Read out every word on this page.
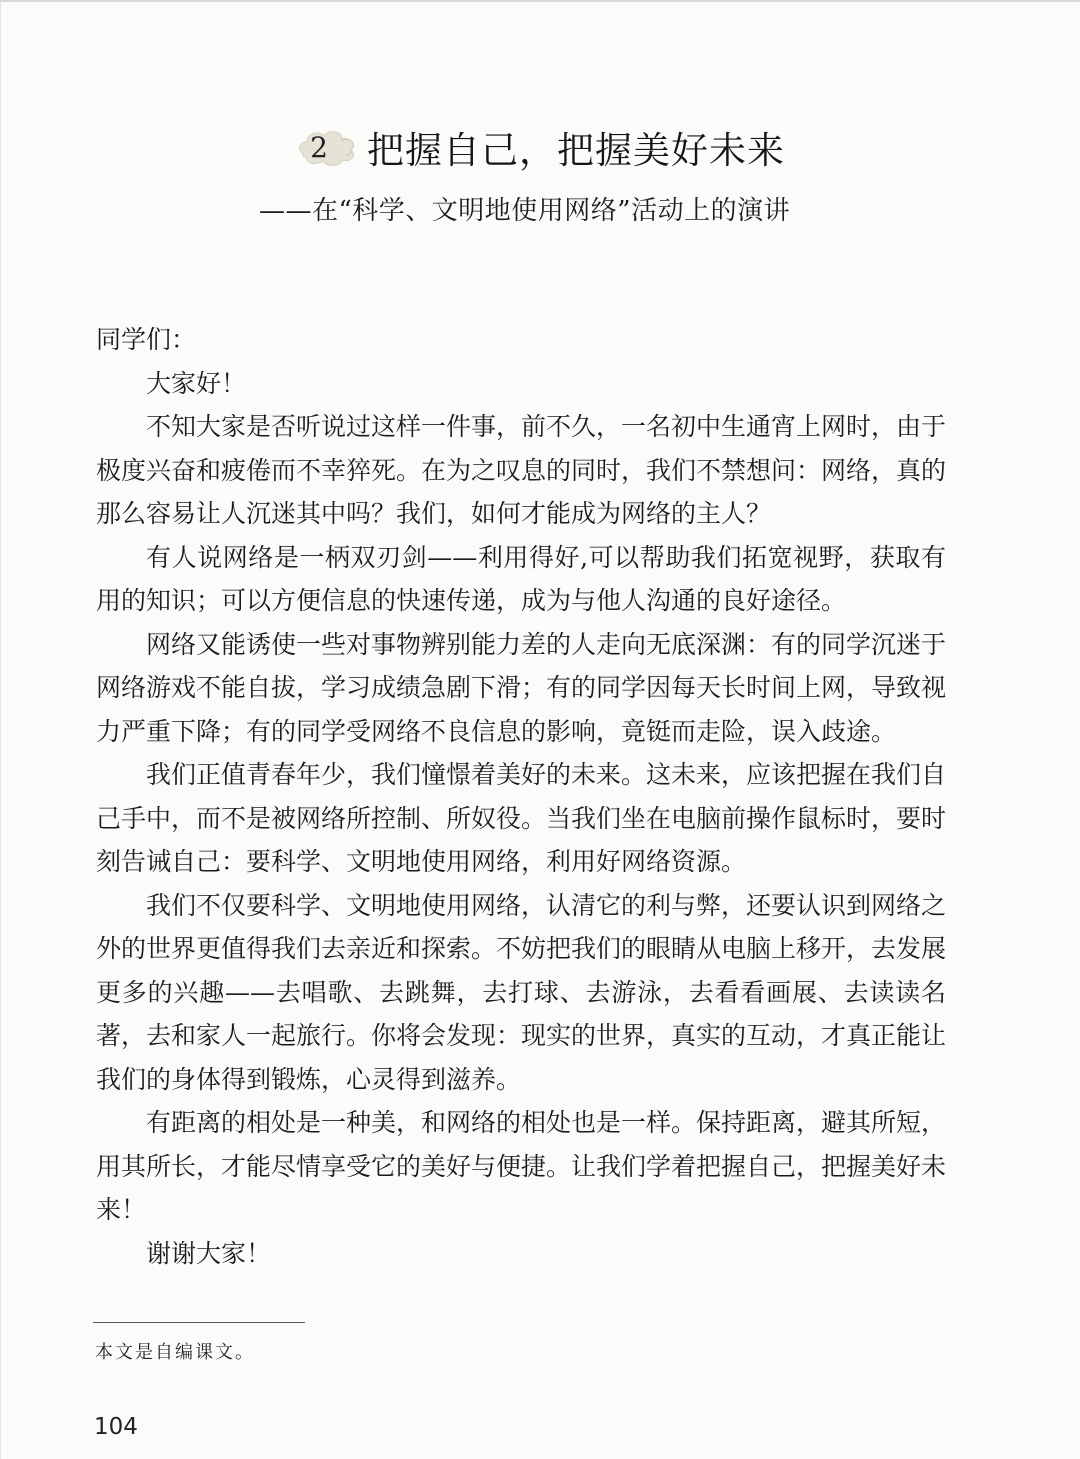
2	把握自己，把握美好未来
——在“科学、文明地使用网络”活动上的演讲

同学们：

大家好！

不知大家是否听说过这样一件事，前不久，一名初中生通宵上网时，由于极度兴奋和疲倦而不幸猝死。在为之叹息的同时，我们不禁想问：网络，真的那么容易让人沉迷其中吗？我们，如何才能成为网络的主人？

有人说网络是一柄双刃剑——利用得好,可以帮助我们拓宽视野，获取有用的知识；可以方便信息的快速传递，成为与他人沟通的良好途径。

网络又能诱使一些对事物辨别能力差的人走向无底深渊：有的同学沉迷于网络游戏不能自拔，学习成绩急剧下滑；有的同学因每天长时间上网，导致视力严重下降；有的同学受网络不良信息的影响，竟铤而走险，误入歧途。

我们正值青春年少，我们憧憬着美好的未来。这未来，应该把握在我们自己手中，而不是被网络所控制、所奴役。当我们坐在电脑前操作鼠标时，要时刻告诫自己：要科学、文明地使用网络，利用好网络资源。

我们不仅要科学、文明地使用网络，认清它的利与弊，还要认识到网络之外的世界更值得我们去亲近和探索。不妨把我们的眼睛从电脑上移开，去发展更多的兴趣——去唱歌、去跳舞，去打球、去游泳，去看看画展、去读读名著，去和家人一起旅行。你将会发现：现实的世界，真实的互动，才真正能让我们的身体得到锻炼，心灵得到滋养。

有距离的相处是一种美，和网络的相处也是一样。保持距离，避其所短，用其所长，才能尽情享受它的美好与便捷。让我们学着把握自己，把握美好未来！

谢谢大家！

本文是自编课文。
104
